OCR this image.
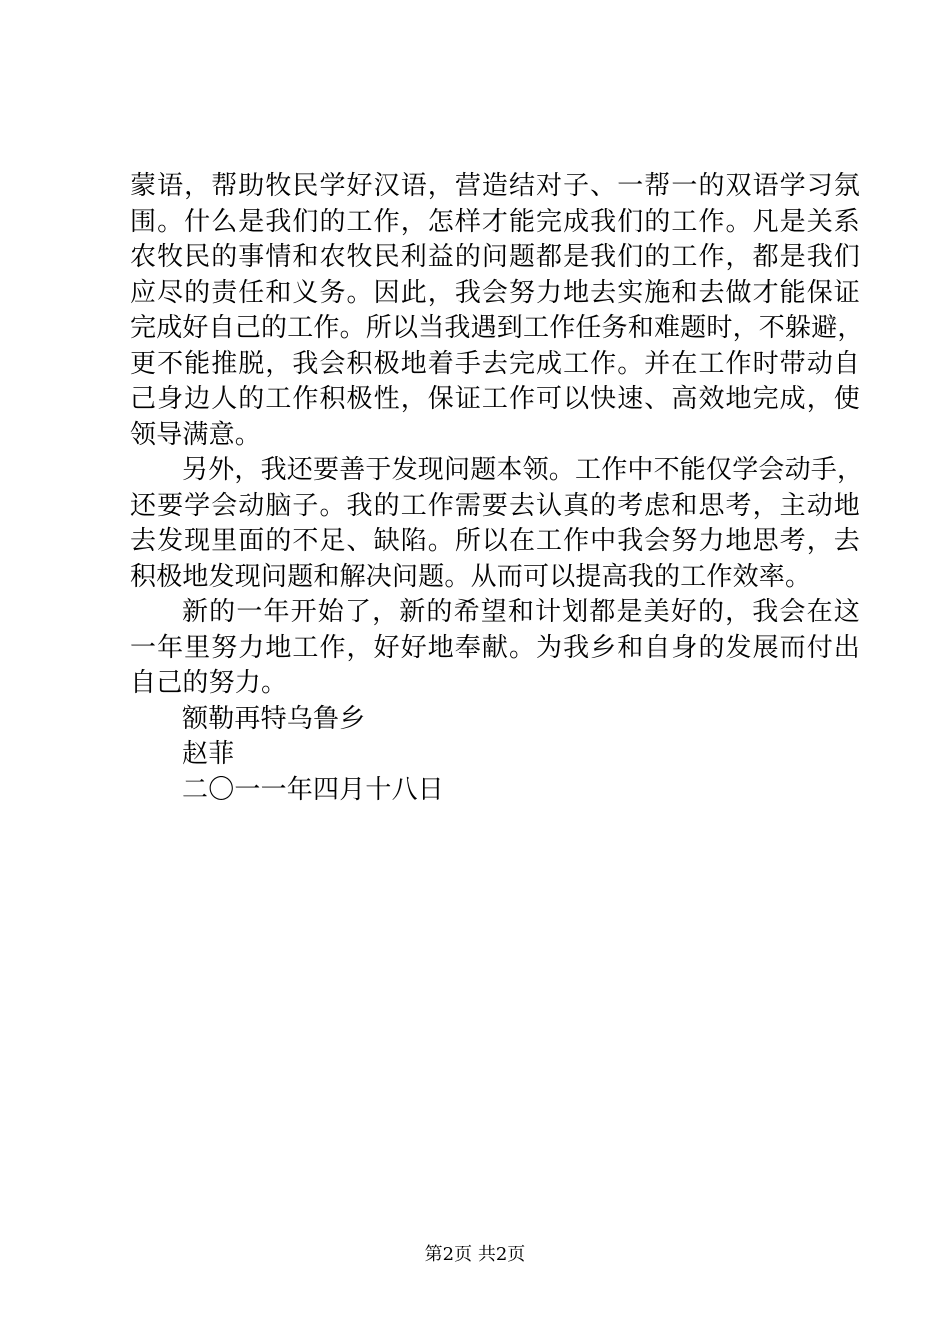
蒙语，帮助牧民学好汉语，营造结对子、一帮一的双语学习氛
围。什么是我们的工作，怎样才能完成我们的工作。凡是关系
农牧民的事情和农牧民利益的问题都是我们的工作，都是我们
应尽的责任和义务。因此，我会努力地去实施和去做才能保证
完成好自己的工作。所以当我遇到工作任务和难题时，不躲避，
更不能推脱，我会积极地着手去完成工作。并在工作时带动自
己身边人的工作积极性，保证工作可以快速、高效地完成，使
领导满意。
另外，我还要善于发现问题本领。工作中不能仅学会动手，
还要学会动脑子。我的工作需要去认真的考虑和思考，主动地
去发现里面的不足、缺陷。所以在工作中我会努力地思考，去
积极地发现问题和解决问题。从而可以提高我的工作效率。
新的一年开始了，新的希望和计划都是美好的，我会在这
一年里努力地工作，好好地奉献。为我乡和自身的发展而付出
自己的努力。
额勒再特乌鲁乡
赵菲
二〇一一年四月十八日
第2页 共2页
